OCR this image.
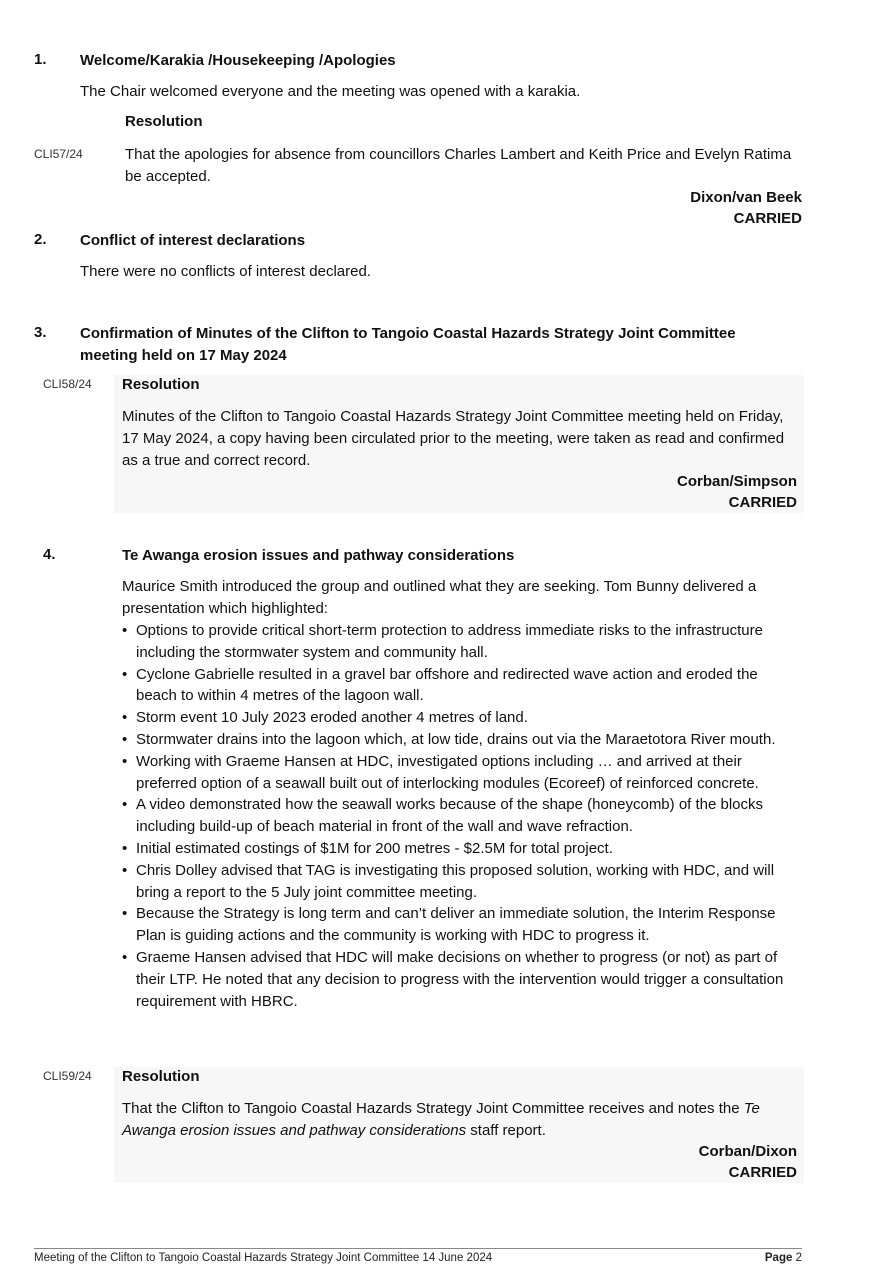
1. Welcome/Karakia /Housekeeping /Apologies
The Chair welcomed everyone and the meeting was opened with a karakia.
Resolution
CLI57/24	That the apologies for absence from councillors Charles Lambert and Keith Price and Evelyn Ratima be accepted.
Dixon/van Beek
CARRIED
2. Conflict of interest declarations
There were no conflicts of interest declared.
3. Confirmation of Minutes of the Clifton to Tangoio Coastal Hazards Strategy Joint Committee meeting held on 17 May 2024
CLI58/24 Resolution
Minutes of the Clifton to Tangoio Coastal Hazards Strategy Joint Committee meeting held on Friday, 17 May 2024, a copy having been circulated prior to the meeting, were taken as read and confirmed as a true and correct record.
Corban/Simpson
CARRIED
4.	Te Awanga erosion issues and pathway considerations
Maurice Smith introduced the group and outlined what they are seeking. Tom Bunny delivered a presentation which highlighted:
• Options to provide critical short-term protection to address immediate risks to the infrastructure including the stormwater system and community hall.
• Cyclone Gabrielle resulted in a gravel bar offshore and redirected wave action and eroded the beach to within 4 metres of the lagoon wall.
• Storm event 10 July 2023 eroded another 4 metres of land.
• Stormwater drains into the lagoon which, at low tide, drains out via the Maraetotora River mouth.
• Working with Graeme Hansen at HDC, investigated options including … and arrived at their preferred option of a seawall built out of interlocking modules (Ecoreef) of reinforced concrete.
• A video demonstrated how the seawall works because of the shape (honeycomb) of the blocks including build-up of beach material in front of the wall and wave refraction.
• Initial estimated costings of $1M for 200 metres - $2.5M for total project.
• Chris Dolley advised that TAG is investigating this proposed solution, working with HDC, and will bring a report to the 5 July joint committee meeting.
• Because the Strategy is long term and can’t deliver an immediate solution, the Interim Response Plan is guiding actions and the community is working with HDC to progress it.
• Graeme Hansen advised that HDC will make decisions on whether to progress (or not) as part of their LTP. He noted that any decision to progress with the intervention would trigger a consultation requirement with HBRC.
CLI59/24 Resolution
That the Clifton to Tangoio Coastal Hazards Strategy Joint Committee receives and notes the Te Awanga erosion issues and pathway considerations staff report.
Corban/Dixon
CARRIED
Meeting of the Clifton to Tangoio Coastal Hazards Strategy Joint Committee 14 June 2024	Page 2
